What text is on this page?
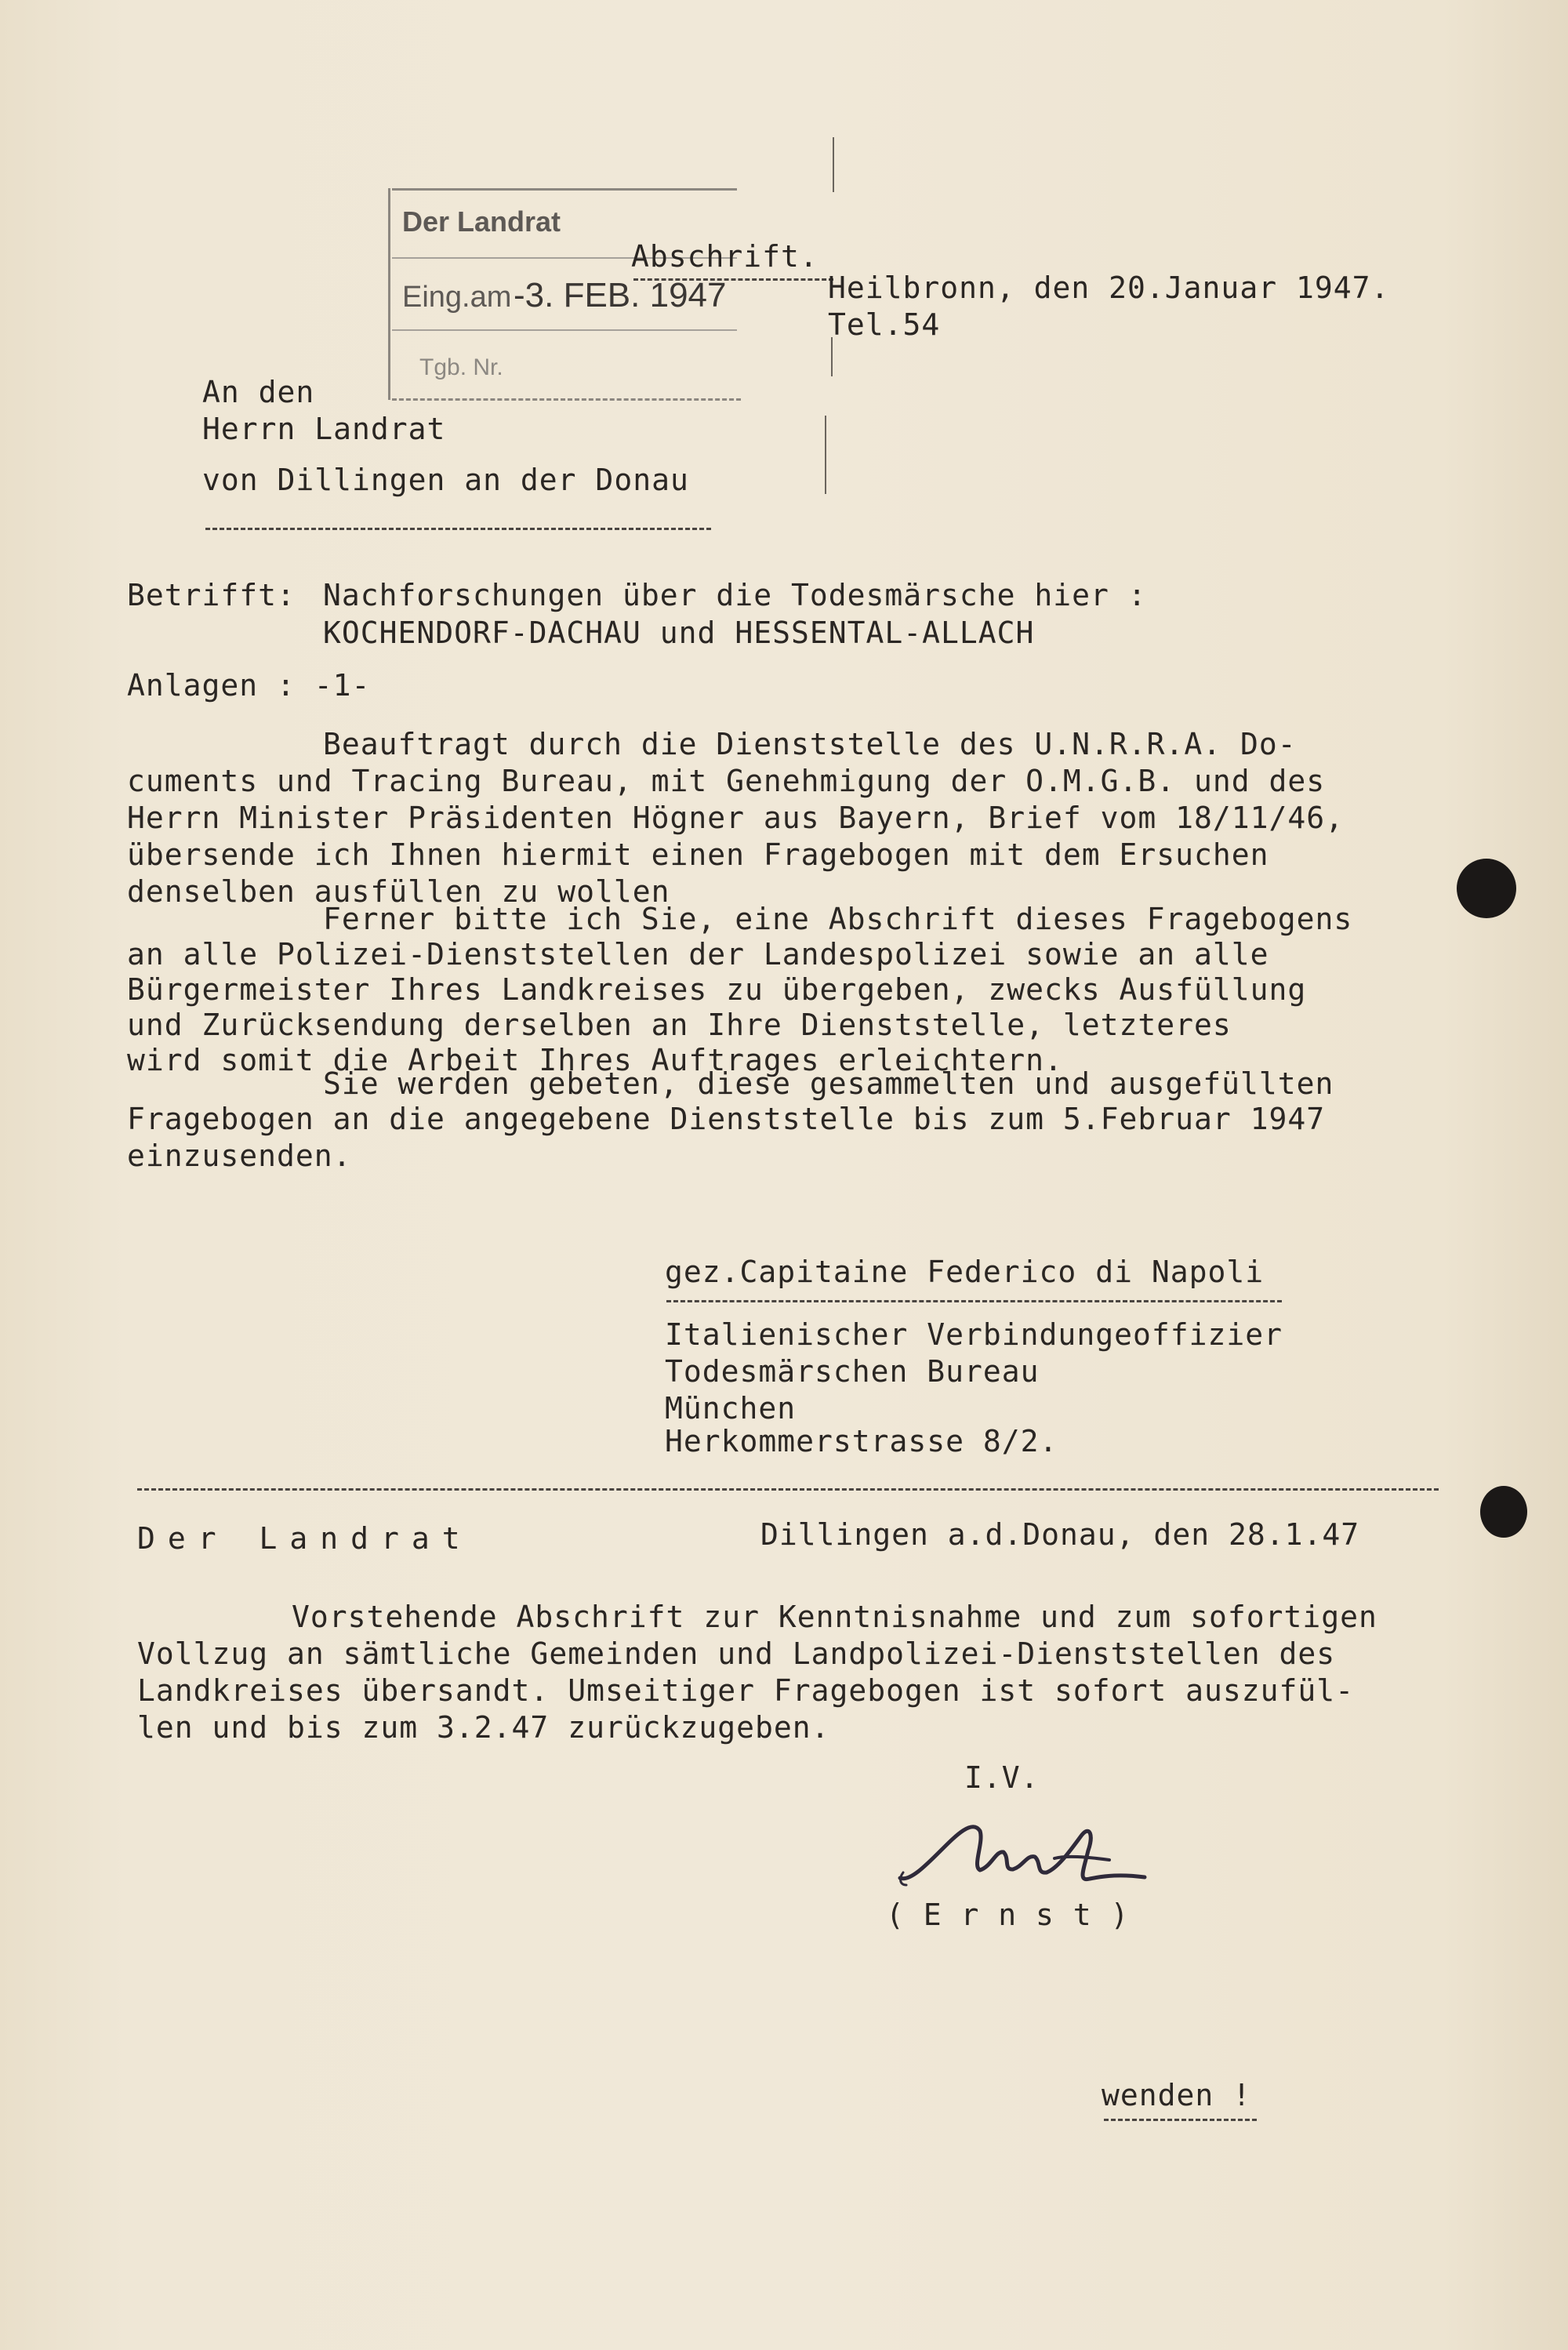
Der Landrat
Eing.am -3. FEB. 1947
Tgb. Nr.
Abschrift.
Heilbronn, den 20.Januar 1947.
Tel.54
An den
Herrn Landrat
von Dillingen an der Donau
Betrifft: Nachforschungen über die Todesmärsche hier :
KOCHENDORF-DACHAU und HESSENTAL-ALLACH
Anlagen : -1-
Beauftragt durch die Dienststelle des U.N.R.R.A. Do-
cuments und Tracing Bureau, mit Genehmigung der O.M.G.B. und des
Herrn Minister Präsidenten Högner aus Bayern, Brief vom 18/11/46,
übersende ich Ihnen hiermit einen Fragebogen mit dem Ersuchen
denselben ausfüllen zu wollen
Ferner bitte ich Sie, eine Abschrift dieses Fragebogens
an alle Polizei-Dienststellen der Landespolizei sowie an alle
Bürgermeister Ihres Landkreises zu übergeben, zwecks Ausfüllung
und Zurücksendung derselben an Ihre Dienststelle, letzteres
wird somit die Arbeit Ihres Auftrages erleichtern.
Sie werden gebeten, diese gesammelten und ausgefüllten
Fragebogen an die angegebene Dienststelle bis zum 5.Februar 1947
einzusenden.
gez.Capitaine Federico di Napoli
Italienischer Verbindungeoffizier
Todesmärschen Bureau
München
Herkommerstrasse 8/2.
Der Landrat	Dillingen a.d.Donau, den 28.1.47
Vorstehende Abschrift zur Kenntnisnahme und zum sofortigen
Vollzug an sämtliche Gemeinden und Landpolizei-Dienststellen des
Landkreises übersandt. Umseitiger Fragebogen ist sofort auszufül-
len und bis zum 3.2.47 zurückzugeben.
I.V.
( E r n s t )
wenden !
